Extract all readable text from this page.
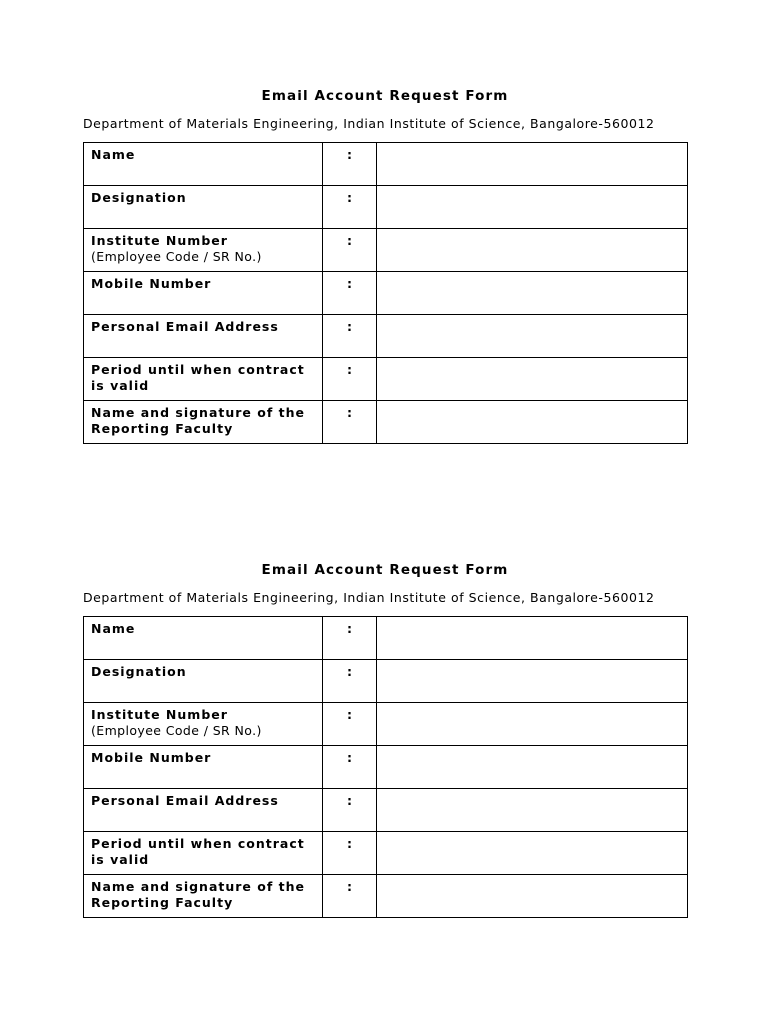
Email Account Request Form
Department of Materials Engineering, Indian Institute of Science, Bangalore-560012
Name	:	

Designation	:	

Institute Number
(Employee Code / SR No.)	:	

Mobile Number	:	

Personal Email Address	:	

Period until when contract is valid	:	

Name and signature of the Reporting Faculty	:	
Email Account Request Form
Department of Materials Engineering, Indian Institute of Science, Bangalore-560012
Name	:	

Designation	:	

Institute Number
(Employee Code / SR No.)	:	

Mobile Number	:	

Personal Email Address	:	

Period until when contract is valid	:	

Name and signature of the Reporting Faculty	:	
